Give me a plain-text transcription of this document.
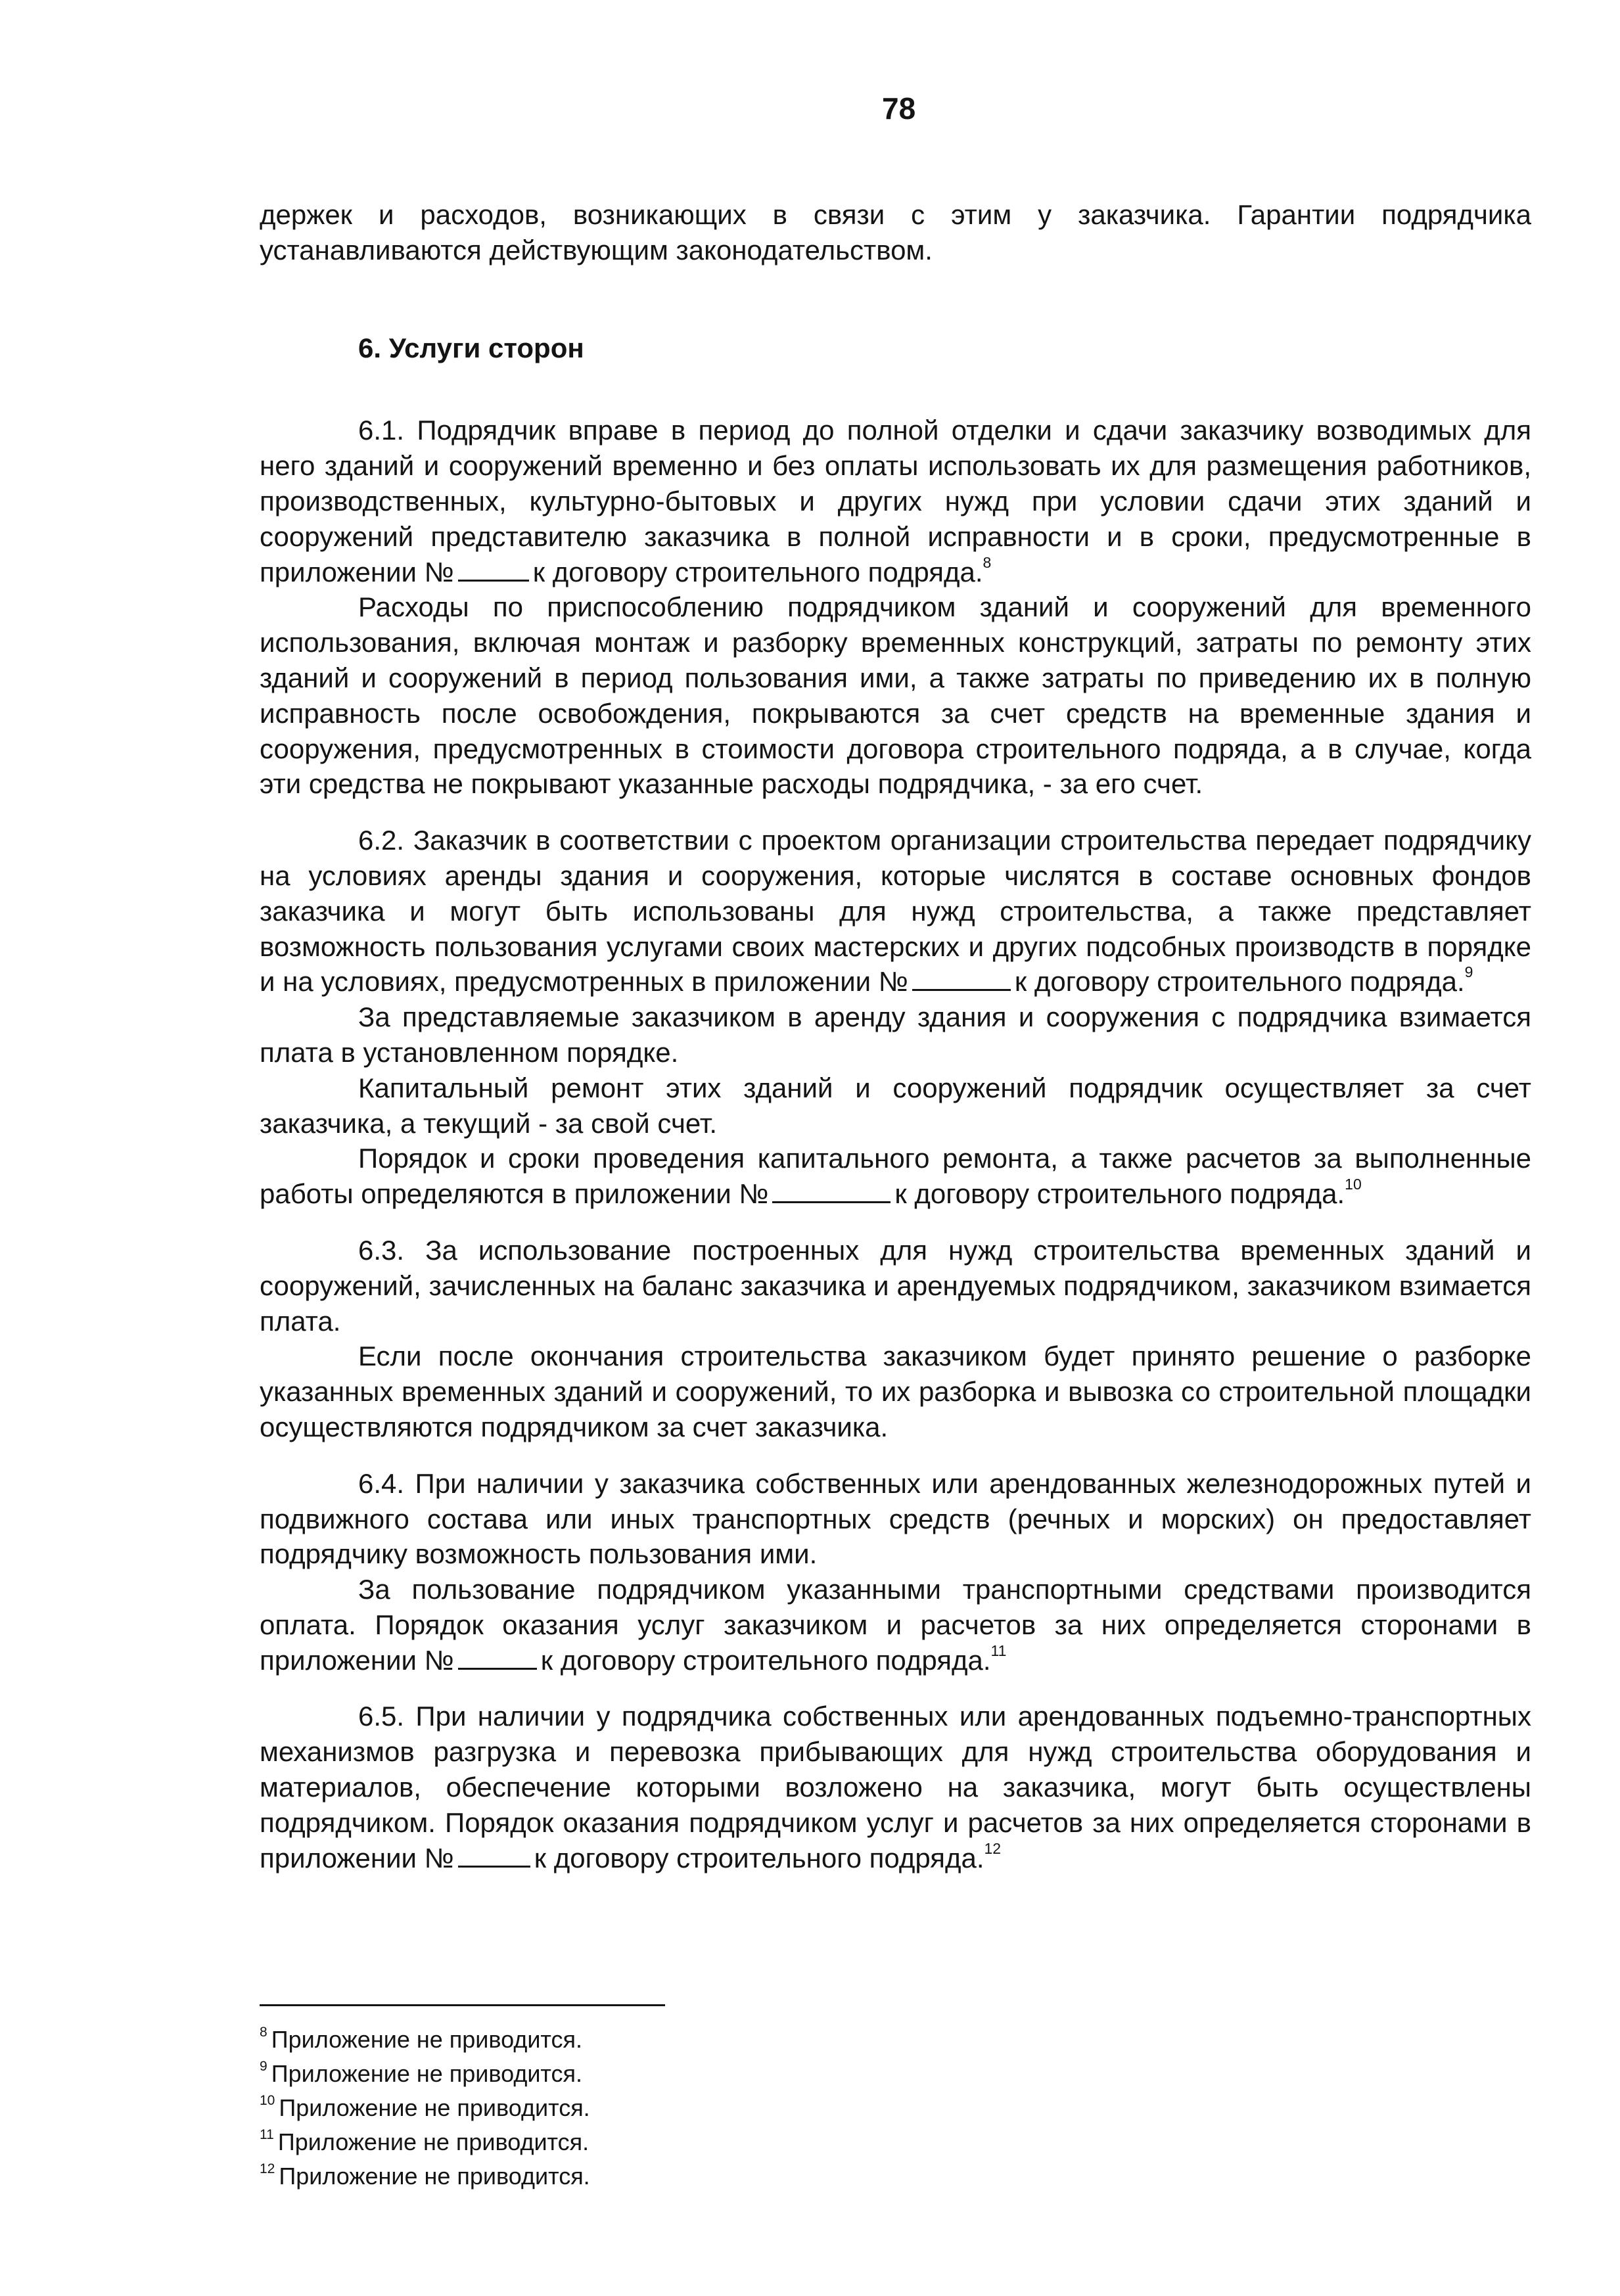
78

держек и расходов, возникающих в связи с этим у заказчика. Гарантии подрядчика устанавливаются действующим законодательством.

6. Услуги сторон

6.1. Подрядчик вправе в период до полной отделки и сдачи заказчику возводимых для него зданий и сооружений временно и без оплаты использовать их для размещения работников, производственных, культурно-бытовых и других нужд при условии сдачи этих зданий и сооружений представителю заказчика в полной исправности и в сроки, предусмотренные в приложении №	к договору строительного подряда.$^8$

Расходы по приспособлению подрядчиком зданий и сооружений для временного использования, включая монтаж и разборку временных конструкций, затраты по ремонту этих зданий и сооружений в период пользования ими, а также затраты по приведению их в полную исправность после освобождения, покрываются за счет средств на временные здания и сооружения, предусмотренных в стоимости договора строительного подряда, а в случае, когда эти средства не покрывают указанные расходы подрядчика, - за его счет.

6.2. Заказчик в соответствии с проектом организации строительства передает подрядчику на условиях аренды здания и сооружения, которые числятся в составе основных фондов заказчика и могут быть использованы для нужд строительства, а также представляет возможность пользования услугами своих мастерских и других подсобных производств в порядке и на условиях, предусмотренных в приложении №	к договору строительного подряда.$^9$

За представляемые заказчиком в аренду здания и сооружения с подрядчика взимается плата в установленном порядке.

Капитальный ремонт этих зданий и сооружений подрядчик осуществляет за счет заказчика, а текущий - за свой счет.

Порядок и сроки проведения капитального ремонта, а также расчетов за выполненные работы определяются в приложении №	к договору строительного подряда.$^{10}$

6.3. За использование построенных для нужд строительства временных зданий и сооружений, зачисленных на баланс заказчика и арендуемых подрядчиком, заказчиком взимается плата.

Если после окончания строительства заказчиком будет принято решение о разборке указанных временных зданий и сооружений, то их разборка и вывозка со строительной площадки осуществляются подрядчиком за счет заказчика.

6.4. При наличии у заказчика собственных или арендованных железнодорожных путей и подвижного состава или иных транспортных средств (речных и морских) он предоставляет подрядчику возможность пользования ими.

За пользование подрядчиком указанными транспортными средствами производится оплата. Порядок оказания услуг заказчиком и расчетов за них определяется сторонами в приложении №	к договору строительного подряда.$^{11}$

6.5. При наличии у подрядчика собственных или арендованных подъемно-транспортных механизмов разгрузка и перевозка прибывающих для нужд строительства оборудования и материалов, обеспечение которыми возложено на заказчика, могут быть осуществлены подрядчиком. Порядок оказания подрядчиком услуг и расчетов за них определяется сторонами в приложении №	к договору строительного подряда.$^{12}$

$^8$ Приложение не приводится.
$^9$ Приложение не приводится.
$^{10}$ Приложение не приводится.
$^{11}$ Приложение не приводится.
$^{12}$ Приложение не приводится.
